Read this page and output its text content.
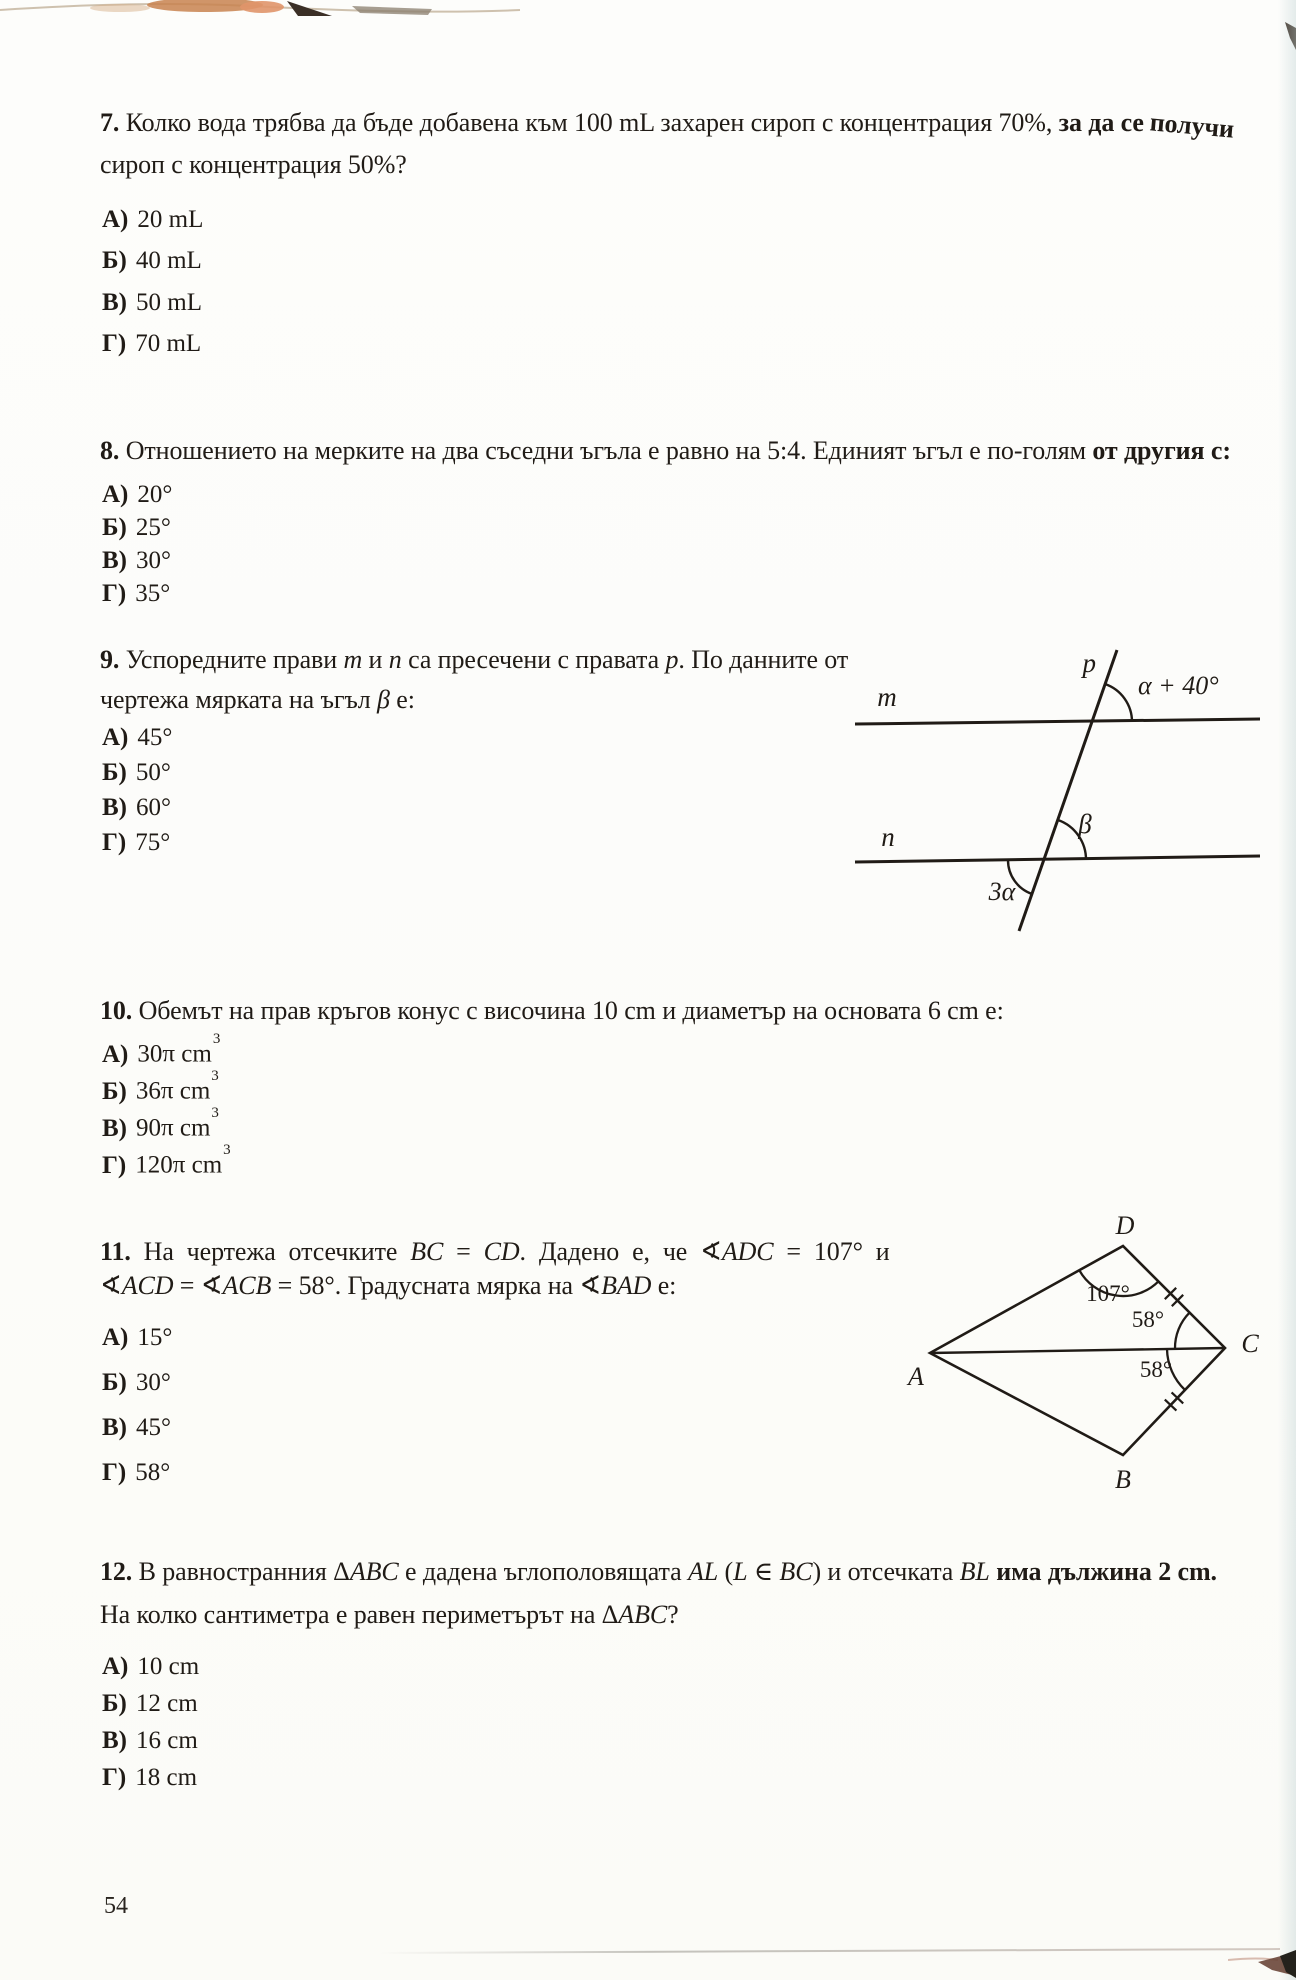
7. Колко вода трябва да бъде добавена към 100 mL захарен сироп с концентрация 70%, за да се получи
сироп с концентрация 50%?
А) 20 mL
Б) 40 mL
В) 50 mL
Г) 70 mL
8. Отношението на мерките на два съседни ъгъла е равно на 5:4. Единият ъгъл е по-голям от другия с:
А) 20°
Б) 25°
В) 30°
Г) 35°
9. Успоредните прави m и n са пресечени с правата p. По данните от
чертежа мярката на ъгъл β е:
А) 45°
Б) 50°
В) 60°
Г) 75°
m
n
p
α + 40°
β
3α
10. Обемът на прав кръгов конус с височина 10 cm и диаметър на основата 6 cm е:
А) 30π $cm^3$
Б) 36π $cm^3$
В) 90π $cm^3$
Г) 120π $cm^3$
11. На чертежа отсечките BC = CD. Дадено е, че ∢ADC = 107° и
∢ACD = ∢ACB = 58°. Градусната мярка на ∢BAD е:
А) 15°
Б) 30°
В) 45°
Г) 58°
D
A
C
B
107°
58°
58°
12. В равностранния ΔABC е дадена ъглополовящата AL (L ∈ BC) и отсечката BL има дължина 2 cm.
На колко сантиметра е равен периметърът на ΔABC?
А) 10 cm
Б) 12 cm
В) 16 cm
Г) 18 cm
54
